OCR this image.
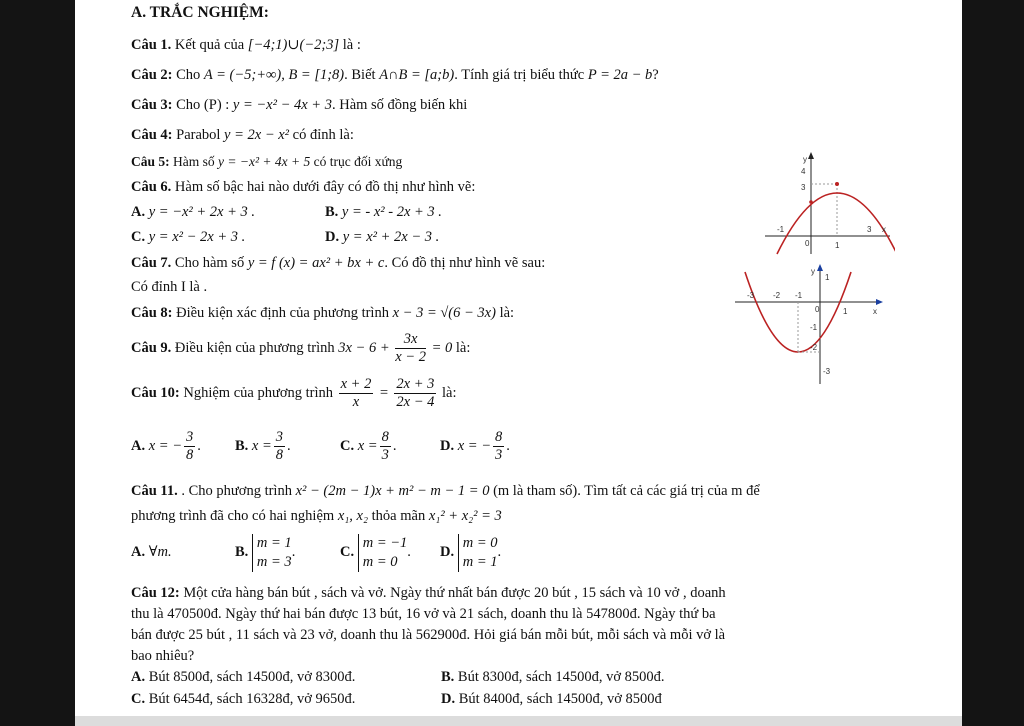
A. TRẮC NGHIỆM:
Câu 1. Kết quả của [−4;1)∪(−2;3] là :
Câu 2: Cho A = (−5;+∞), B = [1;8). Biết A∩B = [a;b). Tính giá trị biểu thức P = 2a − b?
Câu 3: Cho (P) : y = −x² − 4x + 3. Hàm số đồng biến khi
Câu 4: Parabol y = 2x − x² có đỉnh là:
Câu 5: Hàm số y = −x² + 4x + 5 có trục đối xứng
Câu 6. Hàm số bậc hai nào dưới đây có đồ thị như hình vẽ:
A. y = −x² + 2x + 3 .	B. y = - x² - 2x + 3 .
C. y = x² − 2x + 3 .	D. y = x² + 2x − 3 .
Câu 7. Cho hàm số y = f (x) = ax² + bx + c. Có đồ thị như hình vẽ sau:
Có đỉnh I là .
Câu 8: Điều kiện xác định của phương trình x − 3 = √(6 − 3x) là:
Câu 9. Điều kiện của phương trình $3x - 6 + \frac{3x}{x - 2} = 0$ là:
Câu 10: Nghiệm của phương trình $\frac{x + 2}{x} = \frac{2x + 3}{2x - 4}$ là:
A. x = − $\frac{3}{8}$ . B. $x = \frac{3}{8}$ .	C. $x = \frac{8}{3}$ .	D. x = − $\frac{8}{3}$ .
Câu 11. . Cho phương trình x² − (2m − 1)x + m² − m − 1 = 0 (m là tham số). Tìm tất cả các giá trị của m để
phương trình đã cho có hai nghiệm x₁, x₂ thỏa mãn x₁² + x₂² = 3
A. ∀m.	B.
m = 1
m = 3
.	C.
m = −1
m = 0
. D.
m = 0
m = 1
.
Câu 12: Một cửa hàng bán bút , sách và vở. Ngày thứ nhất bán được 20 bút , 15 sách và 10 vở , doanh
thu là 470500đ. Ngày thứ hai bán được 13 bút, 16 vở và 21 sách, doanh thu là 547800đ. Ngày thứ ba
bán được 25 bút , 11 sách và 23 vở, doanh thu là 562900đ. Hỏi giá bán mỗi bút, mỗi sách và mỗi vở là
bao nhiêu?
A. Bút 8500đ, sách 14500đ, vở 8300đ.	B. Bút 8300đ, sách 14500đ, vở 8500đ.
C. Bút 6454đ, sách 16328đ, vở 9650đ.	D. Bút 8400đ, sách 14500đ, vở 8500đ
y
4
3
-1
1
3
0
x
y
-3 -2 -1
1
0
-1
-2
-3
1
x
